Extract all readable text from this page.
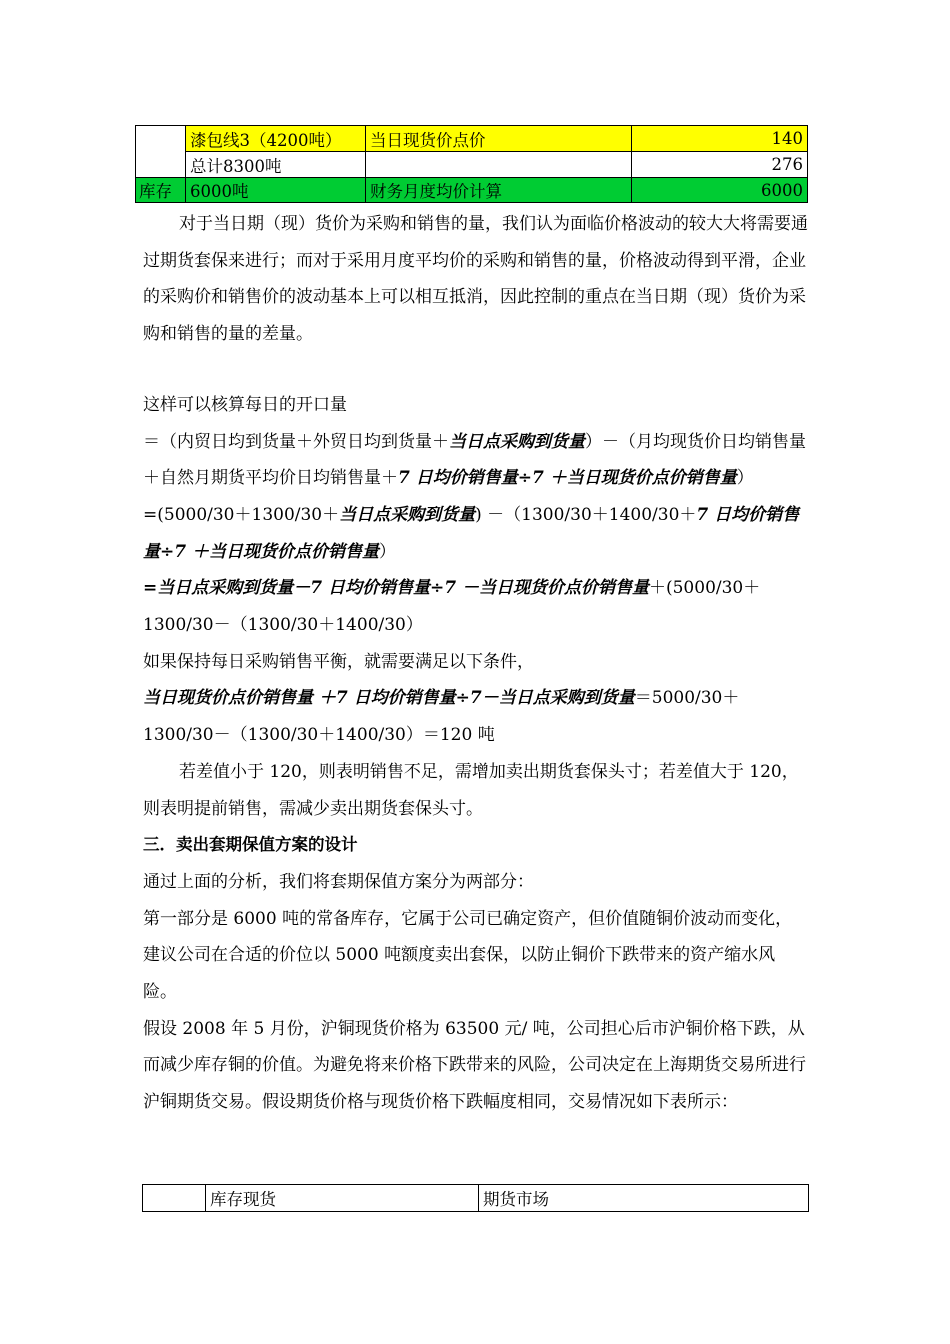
	漆包线3（4200吨）	当日现货价点价	140
	总计8300吨		276
库存	6000吨	财务月度均价计算	6000

对于当日期（现）货价为采购和销售的量，我们认为面临价格波动的较大大将需要通过期货套保来进行；而对于采用月度平均价的采购和销售的量，价格波动得到平滑，企业的采购价和销售价的波动基本上可以相互抵消，因此控制的重点在当日期（现）货价为采购和销售的量的差量。

这样可以核算每日的开口量

＝（内贸日均到货量＋外贸日均到货量＋当日点采购到货量）－（月均现货价日均销售量＋自然月期货平均价日均销售量＋7 日均价销售量÷7 ＋当日现货价点价销售量）

=(5000/30＋1300/30＋当日点采购到货量) －（1300/30＋1400/30＋7 日均价销售量÷7 ＋当日现货价点价销售量）

=当日点采购到货量－7 日均价销售量÷7 －当日现货价点价销售量＋(5000/30＋1300/30－（1300/30＋1400/30）

如果保持每日采购销售平衡，就需要满足以下条件，

当日现货价点价销售量 ＋7 日均价销售量÷7－当日点采购到货量＝5000/30＋1300/30－（1300/30＋1400/30）＝120 吨

若差值小于 120，则表明销售不足，需增加卖出期货套保头寸；若差值大于 120，则表明提前销售，需减少卖出期货套保头寸。

三．卖出套期保值方案的设计

通过上面的分析，我们将套期保值方案分为两部分：

第一部分是 6000 吨的常备库存，它属于公司已确定资产，但价值随铜价波动而变化，建议公司在合适的价位以 5000 吨额度卖出套保，以防止铜价下跌带来的资产缩水风险。

假设 2008 年 5 月份，沪铜现货价格为 63500 元/ 吨，公司担心后市沪铜价格下跌，从而减少库存铜的价值。为避免将来价格下跌带来的风险，公司决定在上海期货交易所进行沪铜期货交易。假设期货价格与现货价格下跌幅度相同，交易情况如下表所示：

	库存现货	期货市场
